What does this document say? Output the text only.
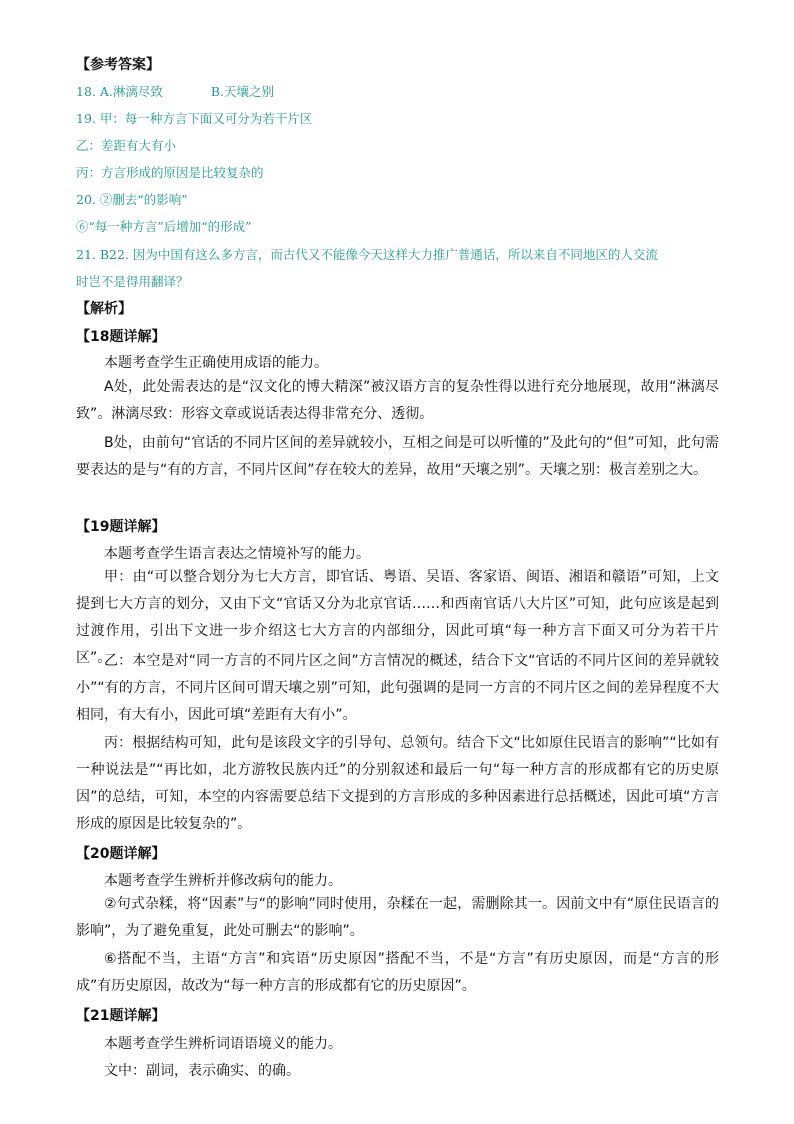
【参考答案】
18. A.淋漓尽致	B.天壤之别
19. 甲：每一种方言下面又可分为若干片区
乙：差距有大有小
丙：方言形成的原因是比较复杂的
20. ②删去“的影响”
⑥“每一种方言”后增加“的形成”
21. B22. 因为中国有这么多方言，而古代又不能像今天这样大力推广普通话，所以来自不同地区的人交流
时岂不是得用翻译？
【解析】
【18题详解】
本题考查学生正确使用成语的能力。
A处，此处需表达的是“汉文化的博大精深”被汉语方言的复杂性得以进行充分地展现，故用“淋漓尽致”。淋漓尽致：形容文章或说话表达得非常充分、透彻。
B处，由前句“官话的不同片区间的差异就较小，互相之间是可以听懂的”及此句的“但”可知，此句需要表达的是与“有的方言，不同片区间”存在较大的差异，故用“天壤之别”。天壤之别：极言差别之大。
【19题详解】
本题考查学生语言表达之情境补写的能力。
甲：由“可以整合划分为七大方言，即官话、粤语、吴语、客家语、闽语、湘语和赣语”可知，上文提到七大方言的划分，又由下文“官话又分为北京官话……和西南官话八大片区”可知，此句应该是起到过渡作用，引出下文进一步介绍这七大方言的内部细分，因此可填“每一种方言下面又可分为若干片区”。
乙：本空是对“同一方言的不同片区之间”方言情况的概述，结合下文“官话的不同片区间的差异就较小”“有的方言，不同片区间可谓天壤之别”可知，此句强调的是同一方言的不同片区之间的差异程度不大相同，有大有小，因此可填“差距有大有小”。
丙：根据结构可知，此句是该段文字的引导句、总领句。结合下文“比如原住民语言的影响”“比如有一种说法是”“再比如，北方游牧民族内迁”的分别叙述和最后一句“每一种方言的形成都有它的历史原因”的总结，可知，本空的内容需要总结下文提到的方言形成的多种因素进行总括概述，因此可填“方言形成的原因是比较复杂的”。
【20题详解】
本题考查学生辨析并修改病句的能力。
②句式杂糅，将“因素”与“的影响”同时使用，杂糅在一起，需删除其一。因前文中有“原住民语言的影响”，为了避免重复，此处可删去“的影响”。
⑥搭配不当，主语“方言”和宾语“历史原因”搭配不当，不是“方言”有历史原因，而是“方言的形成”有历史原因，故改为“每一种方言的形成都有它的历史原因”。
【21题详解】
本题考查学生辨析词语语境义的能力。
文中：副词，表示确实、的确。
